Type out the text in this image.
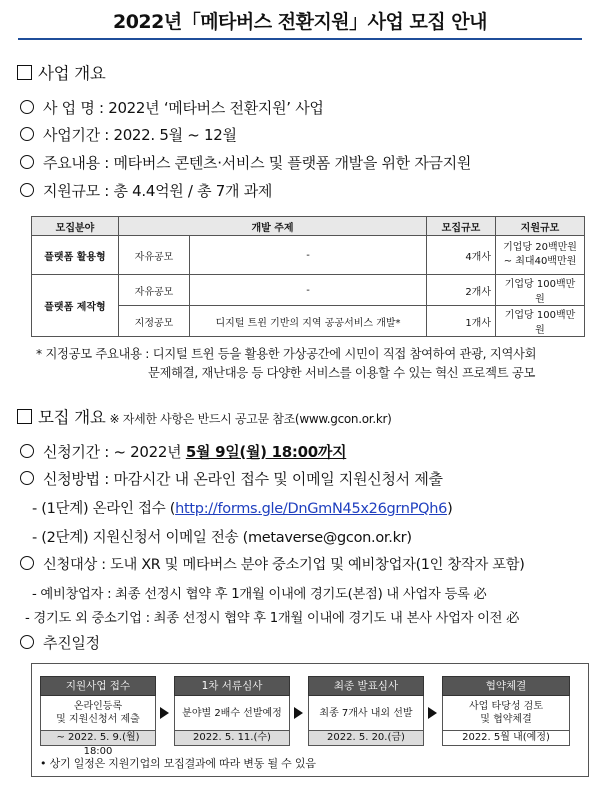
2022년「메타버스 전환지원」사업 모집 안내
사업 개요
사 업 명 : 2022년 ‘메타버스 전환지원’ 사업
사업기간 : 2022. 5월 ~ 12월
주요내용 : 메타버스 콘텐츠·서비스 및 플랫폼 개발을 위한 자금지원
지원규모 : 총 4.4억원 / 총 7개 과제
모집분야	개발 주제		모집규모	지원규모
플랫폼 활용형	자유공모	-	4개사	기업당 20백만원
~ 최대40백만원

플랫폼 제작형	자유공모	-	2개사	기업당 100백만원
	지정공모	디지털 트윈 기반의 지역 공공서비스 개발*	1개사	기업당 100백만원
* 지정공모 주요내용 : 디지털 트윈 등을 활용한 가상공간에 시민이 직접 참여하여 관광, 지역사회
문제해결, 재난대응 등 다양한 서비스를 이용할 수 있는 혁신 프로젝트 공모
모집 개요 ※ 자세한 사항은 반드시 공고문 참조(www.gcon.or.kr)
신청기간 : ~ 2022년 5월 9일(월) 18:00까지
신청방법 : 마감시간 내 온라인 접수 및 이메일 지원신청서 제출
- (1단계) 온라인 접수 (http://forms.gle/DnGmN45x26grnPQh6)
- (2단계) 지원신청서 이메일 전송 (metaverse@gcon.or.kr)
신청대상 : 도내 XR 및 메타버스 분야 중소기업 및 예비창업자(1인 창작자 포함)
- 예비창업자 : 최종 선정시 협약 후 1개월 이내에 경기도(본점) 내 사업자 등록 必
- 경기도 외 중소기업 : 최종 선정시 협약 후 1개월 이내에 경기도 내 본사 사업자 이전 必
추진일정
지원사업 접수
온라인등록
및 지원신청서 제출
~ 2022. 5. 9.(월) 18:00
1차 서류심사
분야별 2배수 선발예정
2022. 5. 11.(수)
최종 발표심사
최종 7개사 내외 선발
2022. 5. 20.(금)
협약체결
사업 타당성 검토
및 협약체결
2022. 5월 내(예정)
• 상기 일정은 지원기업의 모집결과에 따라 변동 될 수 있음
